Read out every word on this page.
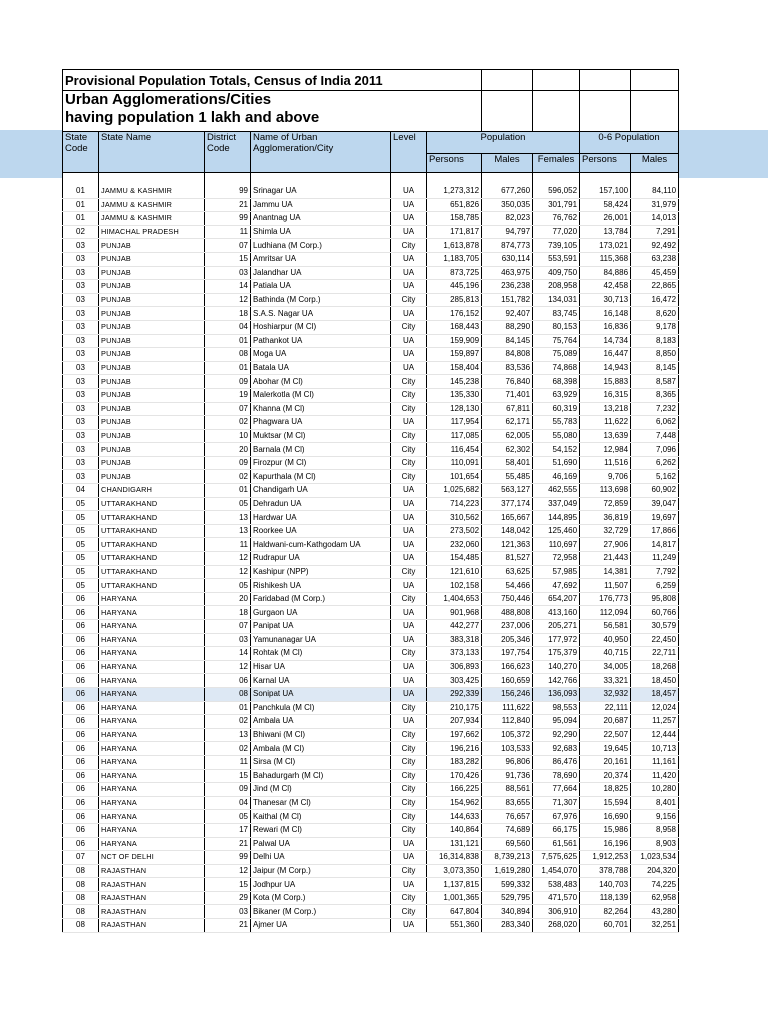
Provisional Population Totals, Census of India 2011									

Urban Agglomerations/Cities
having population 1 lakh and above									

State Code	State Name	District Code	Name of Urban Agglomeration/City	Level	Population			0-6 Population	
					Persons	Males	Females	Persons	Males

01	JAMMU & KASHMIR	99	Srinagar UA	UA	1,273,312	677,260	596,052	157,100	84,110
01	JAMMU & KASHMIR	21	Jammu UA	UA	651,826	350,035	301,791	58,424	31,979
01	JAMMU & KASHMIR	99	Anantnag UA	UA	158,785	82,023	76,762	26,001	14,013
02	HIMACHAL PRADESH	11	Shimla UA	UA	171,817	94,797	77,020	13,784	7,291
03	PUNJAB	07	Ludhiana (M Corp.)	City	1,613,878	874,773	739,105	173,021	92,492
03	PUNJAB	15	Amritsar UA	UA	1,183,705	630,114	553,591	115,368	63,238
03	PUNJAB	03	Jalandhar UA	UA	873,725	463,975	409,750	84,886	45,459
03	PUNJAB	14	Patiala UA	UA	445,196	236,238	208,958	42,458	22,865
03	PUNJAB	12	Bathinda (M Corp.)	City	285,813	151,782	134,031	30,713	16,472
03	PUNJAB	18	S.A.S. Nagar UA	UA	176,152	92,407	83,745	16,148	8,620
03	PUNJAB	04	Hoshiarpur (M Cl)	City	168,443	88,290	80,153	16,836	9,178
03	PUNJAB	01	Pathankot UA	UA	159,909	84,145	75,764	14,734	8,183
03	PUNJAB	08	Moga UA	UA	159,897	84,808	75,089	16,447	8,850
03	PUNJAB	01	Batala UA	UA	158,404	83,536	74,868	14,943	8,145
03	PUNJAB	09	Abohar (M Cl)	City	145,238	76,840	68,398	15,883	8,587
03	PUNJAB	19	Malerkotla (M Cl)	City	135,330	71,401	63,929	16,315	8,365
03	PUNJAB	07	Khanna (M Cl)	City	128,130	67,811	60,319	13,218	7,232
03	PUNJAB	02	Phagwara UA	UA	117,954	62,171	55,783	11,622	6,062
03	PUNJAB	10	Muktsar (M Cl)	City	117,085	62,005	55,080	13,639	7,448
03	PUNJAB	20	Barnala (M Cl)	City	116,454	62,302	54,152	12,984	7,096
03	PUNJAB	09	Firozpur (M Cl)	City	110,091	58,401	51,690	11,516	6,262
03	PUNJAB	02	Kapurthala (M Cl)	City	101,654	55,485	46,169	9,706	5,162
04	CHANDIGARH	01	Chandigarh UA	UA	1,025,682	563,127	462,555	113,698	60,902
05	UTTARAKHAND	05	Dehradun UA	UA	714,223	377,174	337,049	72,859	39,047
05	UTTARAKHAND	13	Hardwar UA	UA	310,562	165,667	144,895	36,819	19,697
05	UTTARAKHAND	13	Roorkee UA	UA	273,502	148,042	125,460	32,729	17,866
05	UTTARAKHAND	11	Haldwani-cum-Kathgodam UA	UA	232,060	121,363	110,697	27,906	14,817
05	UTTARAKHAND	12	Rudrapur UA	UA	154,485	81,527	72,958	21,443	11,249
05	UTTARAKHAND	12	Kashipur (NPP)	City	121,610	63,625	57,985	14,381	7,792
05	UTTARAKHAND	05	Rishikesh UA	UA	102,158	54,466	47,692	11,507	6,259
06	HARYANA	20	Faridabad (M Corp.)	City	1,404,653	750,446	654,207	176,773	95,808
06	HARYANA	18	Gurgaon UA	UA	901,968	488,808	413,160	112,094	60,766
06	HARYANA	07	Panipat UA	UA	442,277	237,006	205,271	56,581	30,579
06	HARYANA	03	Yamunanagar UA	UA	383,318	205,346	177,972	40,950	22,450
06	HARYANA	14	Rohtak (M Cl)	City	373,133	197,754	175,379	40,715	22,711
06	HARYANA	12	Hisar UA	UA	306,893	166,623	140,270	34,005	18,268
06	HARYANA	06	Karnal UA	UA	303,425	160,659	142,766	33,321	18,450
06	HARYANA	08	Sonipat UA	UA	292,339	156,246	136,093	32,932	18,457
06	HARYANA	01	Panchkula (M Cl)	City	210,175	111,622	98,553	22,111	12,024
06	HARYANA	02	Ambala UA	UA	207,934	112,840	95,094	20,687	11,257
06	HARYANA	13	Bhiwani (M Cl)	City	197,662	105,372	92,290	22,507	12,444
06	HARYANA	02	Ambala (M Cl)	City	196,216	103,533	92,683	19,645	10,713
06	HARYANA	11	Sirsa (M Cl)	City	183,282	96,806	86,476	20,161	11,161
06	HARYANA	15	Bahadurgarh (M Cl)	City	170,426	91,736	78,690	20,374	11,420
06	HARYANA	09	Jind (M Cl)	City	166,225	88,561	77,664	18,825	10,280
06	HARYANA	04	Thanesar (M Cl)	City	154,962	83,655	71,307	15,594	8,401
06	HARYANA	05	Kaithal (M Cl)	City	144,633	76,657	67,976	16,690	9,156
06	HARYANA	17	Rewari (M Cl)	City	140,864	74,689	66,175	15,986	8,958
06	HARYANA	21	Palwal UA	UA	131,121	69,560	61,561	16,196	8,903
07	NCT OF DELHI	99	Delhi UA	UA	16,314,838	8,739,213	7,575,625	1,912,253	1,023,534
08	RAJASTHAN	12	Jaipur (M Corp.)	City	3,073,350	1,619,280	1,454,070	378,788	204,320
08	RAJASTHAN	15	Jodhpur UA	UA	1,137,815	599,332	538,483	140,703	74,225
08	RAJASTHAN	29	Kota (M Corp.)	City	1,001,365	529,795	471,570	118,139	62,958
08	RAJASTHAN	03	Bikaner (M Corp.)	City	647,804	340,894	306,910	82,264	43,280
08	RAJASTHAN	21	Ajmer UA	UA	551,360	283,340	268,020	60,701	32,251
